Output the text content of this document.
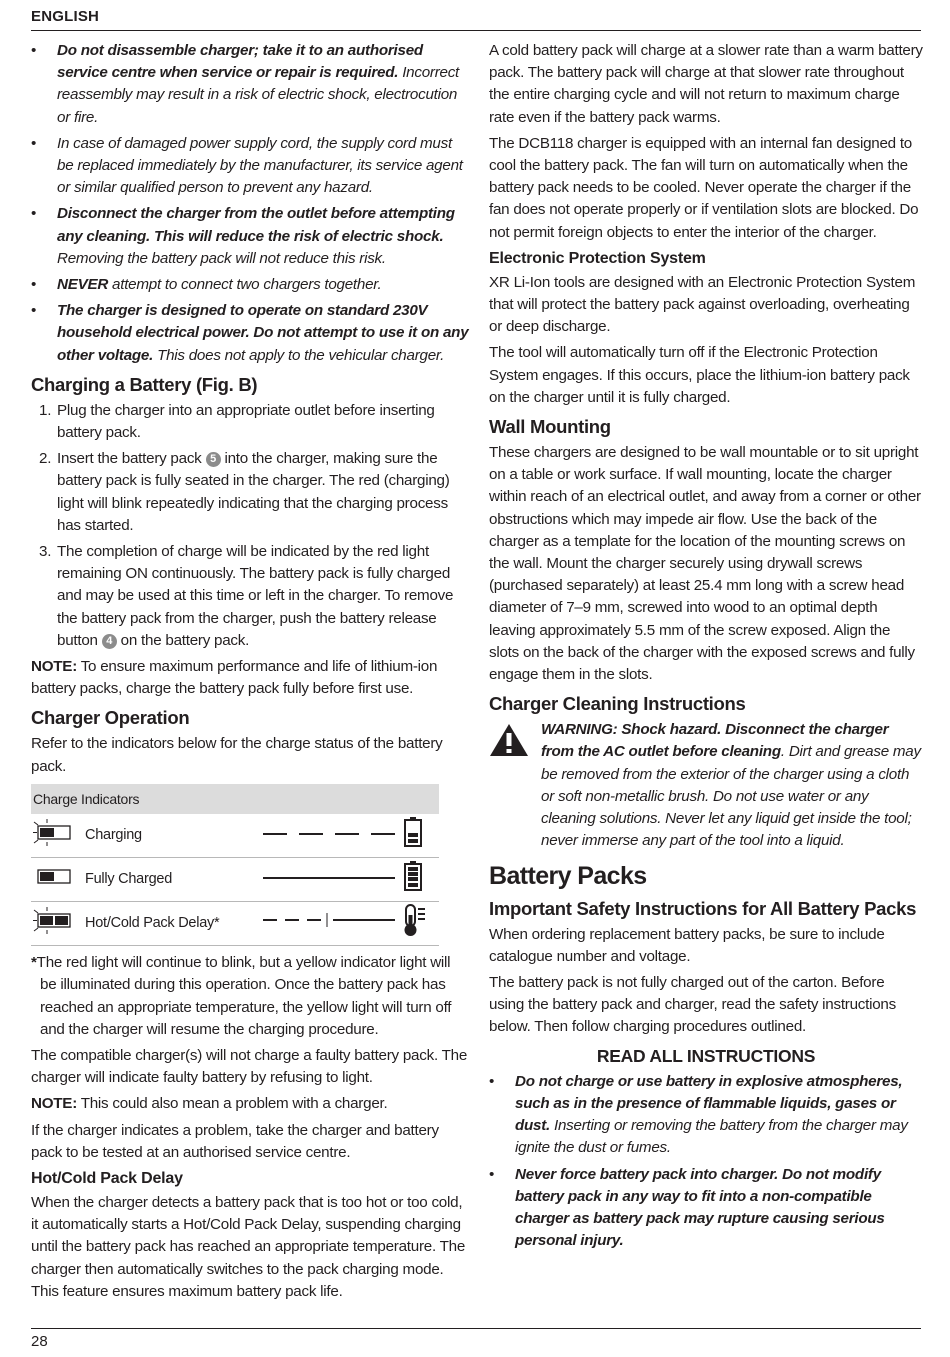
ENGLISH
• Do not disassemble charger; take it to an authorised service centre when service or repair is required. Incorrect reassembly may result in a risk of electric shock, electrocution or fire.
• In case of damaged power supply cord, the supply cord must be replaced immediately by the manufacturer, its service agent or similar qualified person to prevent any hazard.
• Disconnect the charger from the outlet before attempting any cleaning. This will reduce the risk of electric shock. Removing the battery pack will not reduce this risk.
• NEVER attempt to connect two chargers together.
• The charger is designed to operate on standard 230V household electrical power. Do not attempt to use it on any other voltage. This does not apply to the vehicular charger.
Charging a Battery (Fig. B)
1. Plug the charger into an appropriate outlet before inserting battery pack.
2. Insert the battery pack 5 into the charger, making sure the battery pack is fully seated in the charger. The red (charging) light will blink repeatedly indicating that the charging process has started.
3. The completion of charge will be indicated by the red light remaining ON continuously. The battery pack is fully charged and may be used at this time or left in the charger. To remove the battery pack from the charger, push the battery release button 4 on the battery pack.

NOTE: To ensure maximum performance and life of lithium-ion battery packs, charge the battery pack fully before first use.

Charger Operation

Refer to the indicators below for the charge status of the battery pack.

Charge Indicators			
	Charging		
	Fully Charged		
	Hot/Cold Pack Delay*		

*The red light will continue to blink, but a yellow indicator light will be illuminated during this operation. Once the battery pack has reached an appropriate temperature, the yellow light will turn off and the charger will resume the charging procedure.

The compatible charger(s) will not charge a faulty battery pack. The charger will indicate faulty battery by refusing to light.

NOTE: This could also mean a problem with a charger.

If the charger indicates a problem, take the charger and battery pack to be tested at an authorised service centre.

Hot/Cold Pack Delay

When the charger detects a battery pack that is too hot or too cold, it automatically starts a Hot/Cold Pack Delay, suspending charging until the battery pack has reached an appropriate temperature. The charger then automatically switches to the pack charging mode. This feature ensures maximum battery pack life.

A cold battery pack will charge at a slower rate than a warm battery pack. The battery pack will charge at that slower rate throughout the entire charging cycle and will not return to maximum charge rate even if the battery pack warms.

The DCB118 charger is equipped with an internal fan designed to cool the battery pack. The fan will turn on automatically when the battery pack needs to be cooled. Never operate the charger if the fan does not operate properly or if ventilation slots are blocked. Do not permit foreign objects to enter the interior of the charger.

Electronic Protection System

XR Li-Ion tools are designed with an Electronic Protection System that will protect the battery pack against overloading, overheating or deep discharge.

The tool will automatically turn off if the Electronic Protection System engages. If this occurs, place the lithium-ion battery pack on the charger until it is fully charged.

Wall Mounting

These chargers are designed to be wall mountable or to sit upright on a table or work surface. If wall mounting, locate the charger within reach of an electrical outlet, and away from a corner or other obstructions which may impede air flow. Use the back of the charger as a template for the location of the mounting screws on the wall. Mount the charger securely using drywall screws (purchased separately) at least 25.4 mm long with a screw head diameter of 7–9 mm, screwed into wood to an optimal depth leaving approximately 5.5 mm of the screw exposed. Align the slots on the back of the charger with the exposed screws and fully engage them in the slots.

Charger Cleaning Instructions
WARNING: Shock hazard. Disconnect the charger from the AC outlet before cleaning. Dirt and grease may be removed from the exterior of the charger using a cloth or soft non-metallic brush. Do not use water or any cleaning solutions. Never let any liquid get inside the tool; never immerse any part of the tool into a liquid.
Battery Packs
Important Safety Instructions for All Battery Packs

When ordering replacement battery packs, be sure to include catalogue number and voltage.

The battery pack is not fully charged out of the carton. Before using the battery pack and charger, read the safety instructions below. Then follow charging procedures outlined.

READ ALL INSTRUCTIONS
• Do not charge or use battery in explosive atmospheres, such as in the presence of flammable liquids, gases or dust. Inserting or removing the battery from the charger may ignite the dust or fumes.
• Never force battery pack into charger. Do not modify battery pack in any way to fit into a non-compatible charger as battery pack may rupture causing serious personal injury.
28
